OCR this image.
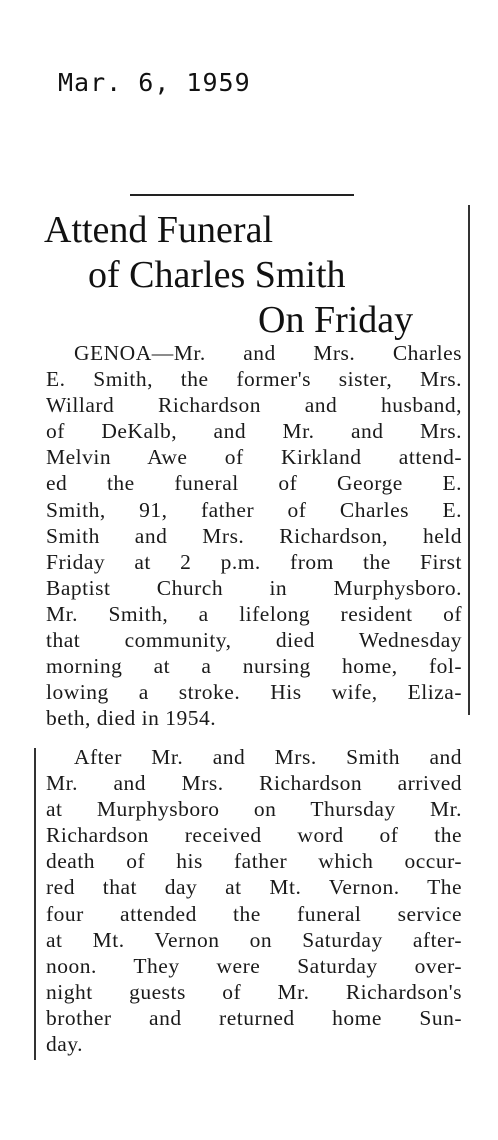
Mar. 6, 1959
Attend Funeral
of Charles Smith
On Friday
GENOA—Mr. and Mrs. Charles
E. Smith, the former's sister, Mrs.
Willard Richardson and husband,
of DeKalb, and Mr. and Mrs.
Melvin Awe of Kirkland attend-
ed the funeral of George E.
Smith, 91, father of Charles E.
Smith and Mrs. Richardson, held
Friday at 2 p.m. from the First
Baptist Church in Murphysboro.
Mr. Smith, a lifelong resident of
that community, died Wednesday
morning at a nursing home, fol-
lowing a stroke. His wife, Eliza-
beth, died in 1954.
After Mr. and Mrs. Smith and
Mr. and Mrs. Richardson arrived
at Murphysboro on Thursday Mr.
Richardson received word of the
death of his father which occur-
red that day at Mt. Vernon. The
four attended the funeral service
at Mt. Vernon on Saturday after-
noon. They were Saturday over-
night guests of Mr. Richardson's
brother and returned home Sun-
day.
